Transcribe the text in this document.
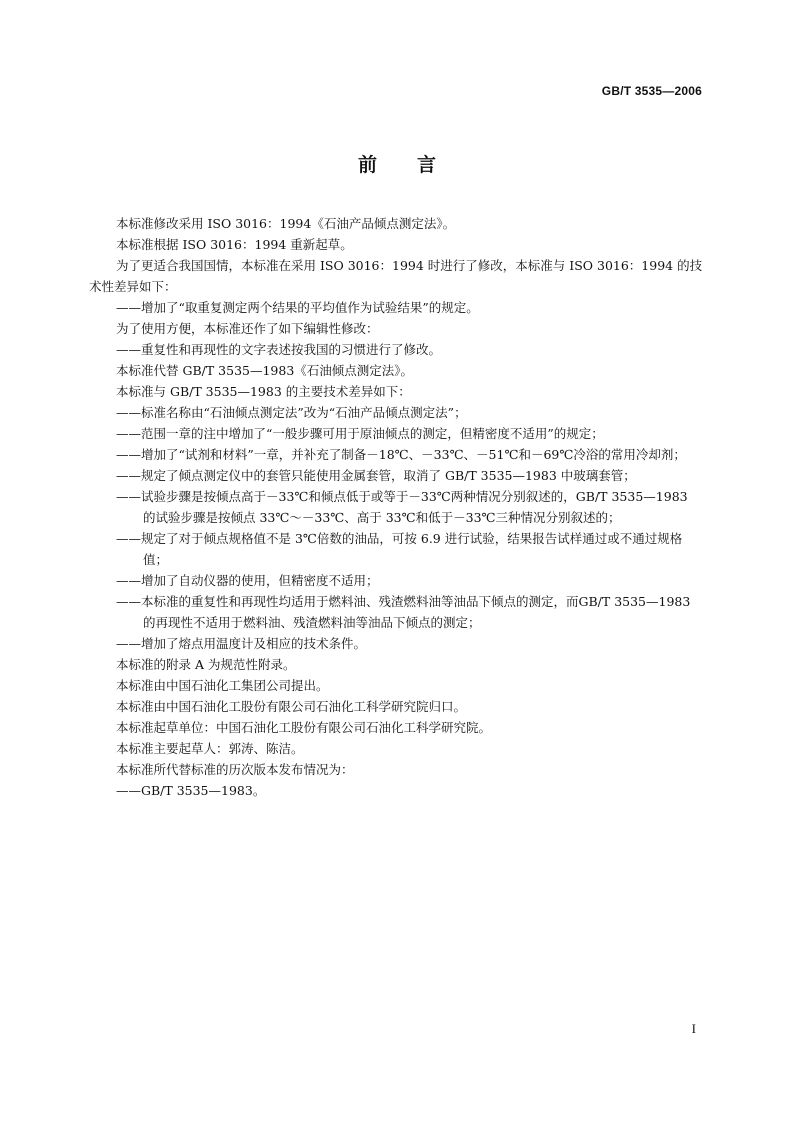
GB/T 3535—2006
前言

本标准修改采用 ISO 3016：1994《石油产品倾点测定法》。

本标准根据 ISO 3016：1994 重新起草。

为了更适合我国国情，本标准在采用 ISO 3016：1994 时进行了修改，本标准与 ISO 3016：1994 的技术性差异如下：

——增加了“取重复测定两个结果的平均值作为试验结果”的规定。

为了使用方便，本标准还作了如下编辑性修改：

——重复性和再现性的文字表述按我国的习惯进行了修改。

本标准代替 GB/T 3535—1983《石油倾点测定法》。

本标准与 GB/T 3535—1983 的主要技术差异如下：

——标准名称由“石油倾点测定法”改为“石油产品倾点测定法”；

——范围一章的注中增加了“一般步骤可用于原油倾点的测定，但精密度不适用”的规定；

——增加了“试剂和材料”一章，并补充了制备－18℃、－33℃、－51℃和－69℃冷浴的常用冷却剂；

——规定了倾点测定仪中的套管只能使用金属套管，取消了 GB/T 3535—1983 中玻璃套管；

——试验步骤是按倾点高于－33℃和倾点低于或等于－33℃两种情况分别叙述的，GB/T 3535—1983 的试验步骤是按倾点 33℃～－33℃、高于 33℃和低于－33℃三种情况分别叙述的；

——规定了对于倾点规格值不是 3℃倍数的油品，可按 6.9 进行试验，结果报告试样通过或不通过规格值；

——增加了自动仪器的使用，但精密度不适用；

——本标准的重复性和再现性均适用于燃料油、残渣燃料油等油品下倾点的测定，而GB/T 3535—1983 的再现性不适用于燃料油、残渣燃料油等油品下倾点的测定；

——增加了熔点用温度计及相应的技术条件。

本标准的附录 A 为规范性附录。

本标准由中国石油化工集团公司提出。

本标准由中国石油化工股份有限公司石油化工科学研究院归口。

本标准起草单位：中国石油化工股份有限公司石油化工科学研究院。

本标准主要起草人：郭涛、陈洁。

本标准所代替标准的历次版本发布情况为：

——GB/T 3535—1983。

I
